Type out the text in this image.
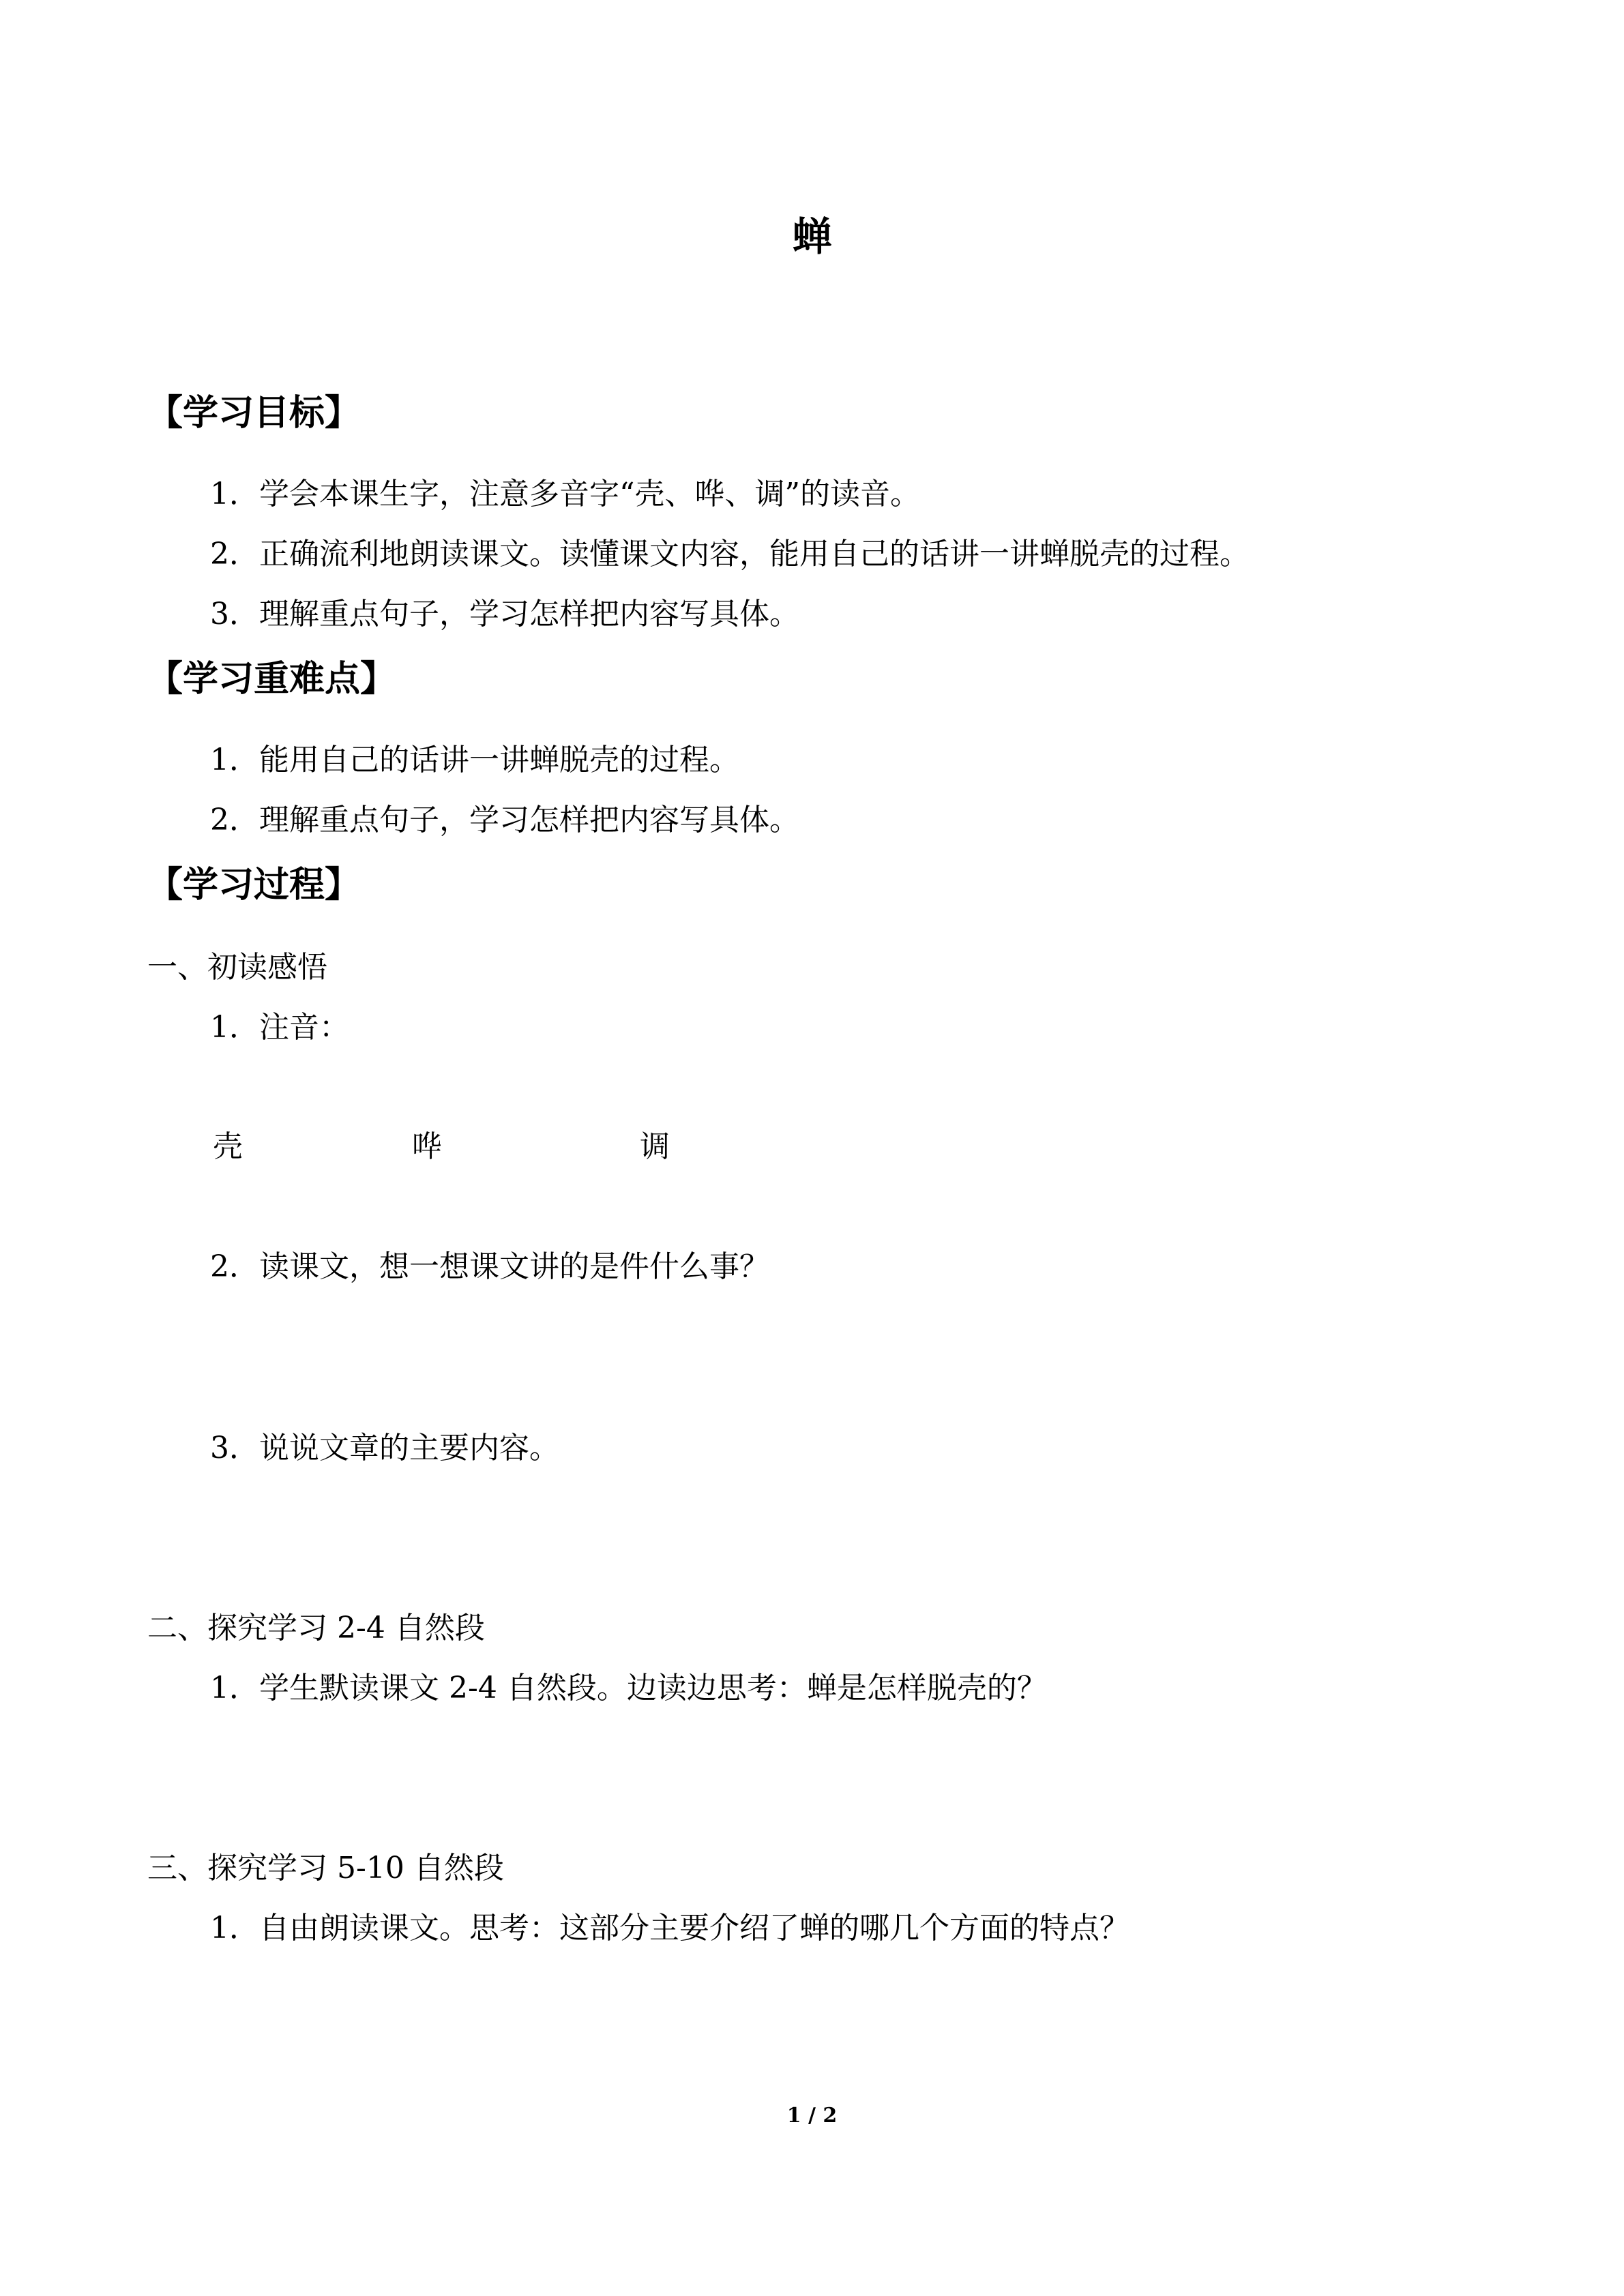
蝉
【学习目标】
1．学会本课生字，注意多音字“壳、哗、调”的读音。
2．正确流利地朗读课文。读懂课文内容，能用自己的话讲一讲蝉脱壳的过程。
3．理解重点句子，学习怎样把内容写具体。
【学习重难点】
1．能用自己的话讲一讲蝉脱壳的过程。
2．理解重点句子，学习怎样把内容写具体。
【学习过程】
一、初读感悟
1．注音：
壳	哗	调
2．读课文，想一想课文讲的是件什么事？
3．说说文章的主要内容。
二、探究学习 2-4 自然段
1．学生默读课文 2-4 自然段。边读边思考：蝉是怎样脱壳的？
三、探究学习 5-10 自然段
1．自由朗读课文。思考：这部分主要介绍了蝉的哪几个方面的特点？
1 / 2
